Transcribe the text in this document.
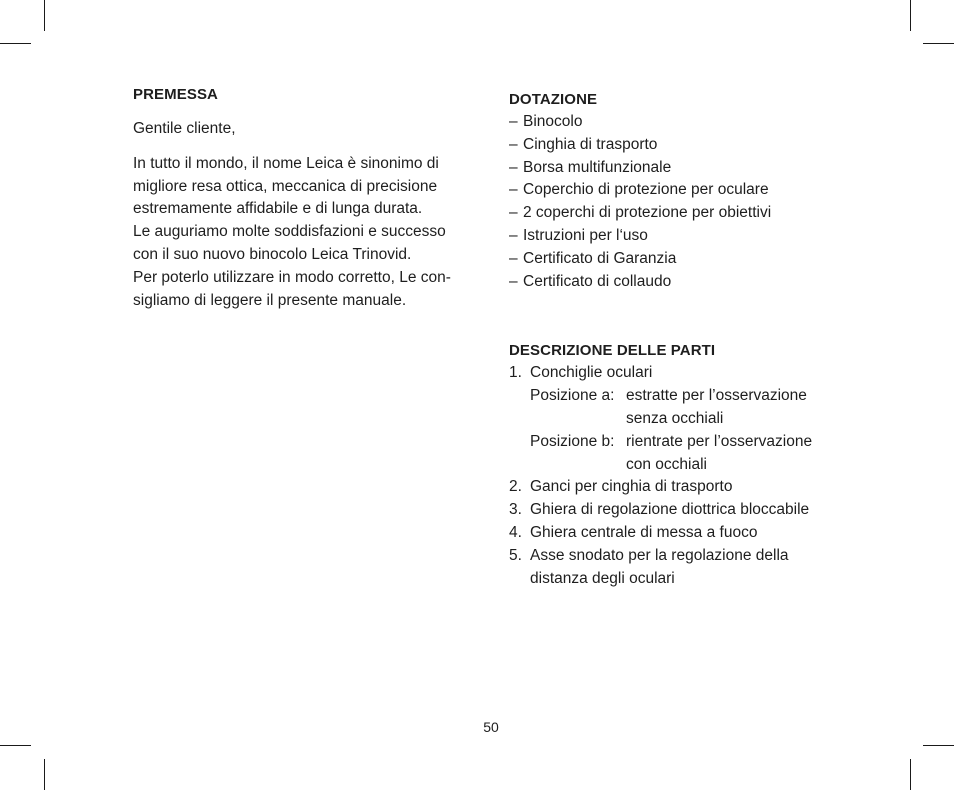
PREMESSA

Gentile cliente,

In tutto il mondo, il nome Leica è sinonimo di
migliore resa ottica, meccanica di precisione
estremamente affidabile e di lunga durata.
Le auguriamo molte soddisfazioni e successo
con il suo nuovo binocolo Leica Trinovid.
Per poterlo utilizzare in modo corretto, Le con-
sigliamo di leggere il presente manuale.
DOTAZIONE
– Binocolo
– Cinghia di trasporto
– Borsa multifunzionale
– Coperchio di protezione per oculare
– 2 coperchi di protezione per obiettivi
– Istruzioni per l‘uso
– Certificato di Garanzia
– Certificato di collaudo
DESCRIZIONE DELLE PARTI
1. Conchiglie oculari
Posizione a: estratte per l’osservazione
senza occhiali
Posizione b: rientrate per l’osservazione
con occhiali
2. Ganci per cinghia di trasporto
3. Ghiera di regolazione diottrica bloccabile
4. Ghiera centrale di messa a fuoco
5. Asse snodato per la regolazione della
distanza degli oculari
50
